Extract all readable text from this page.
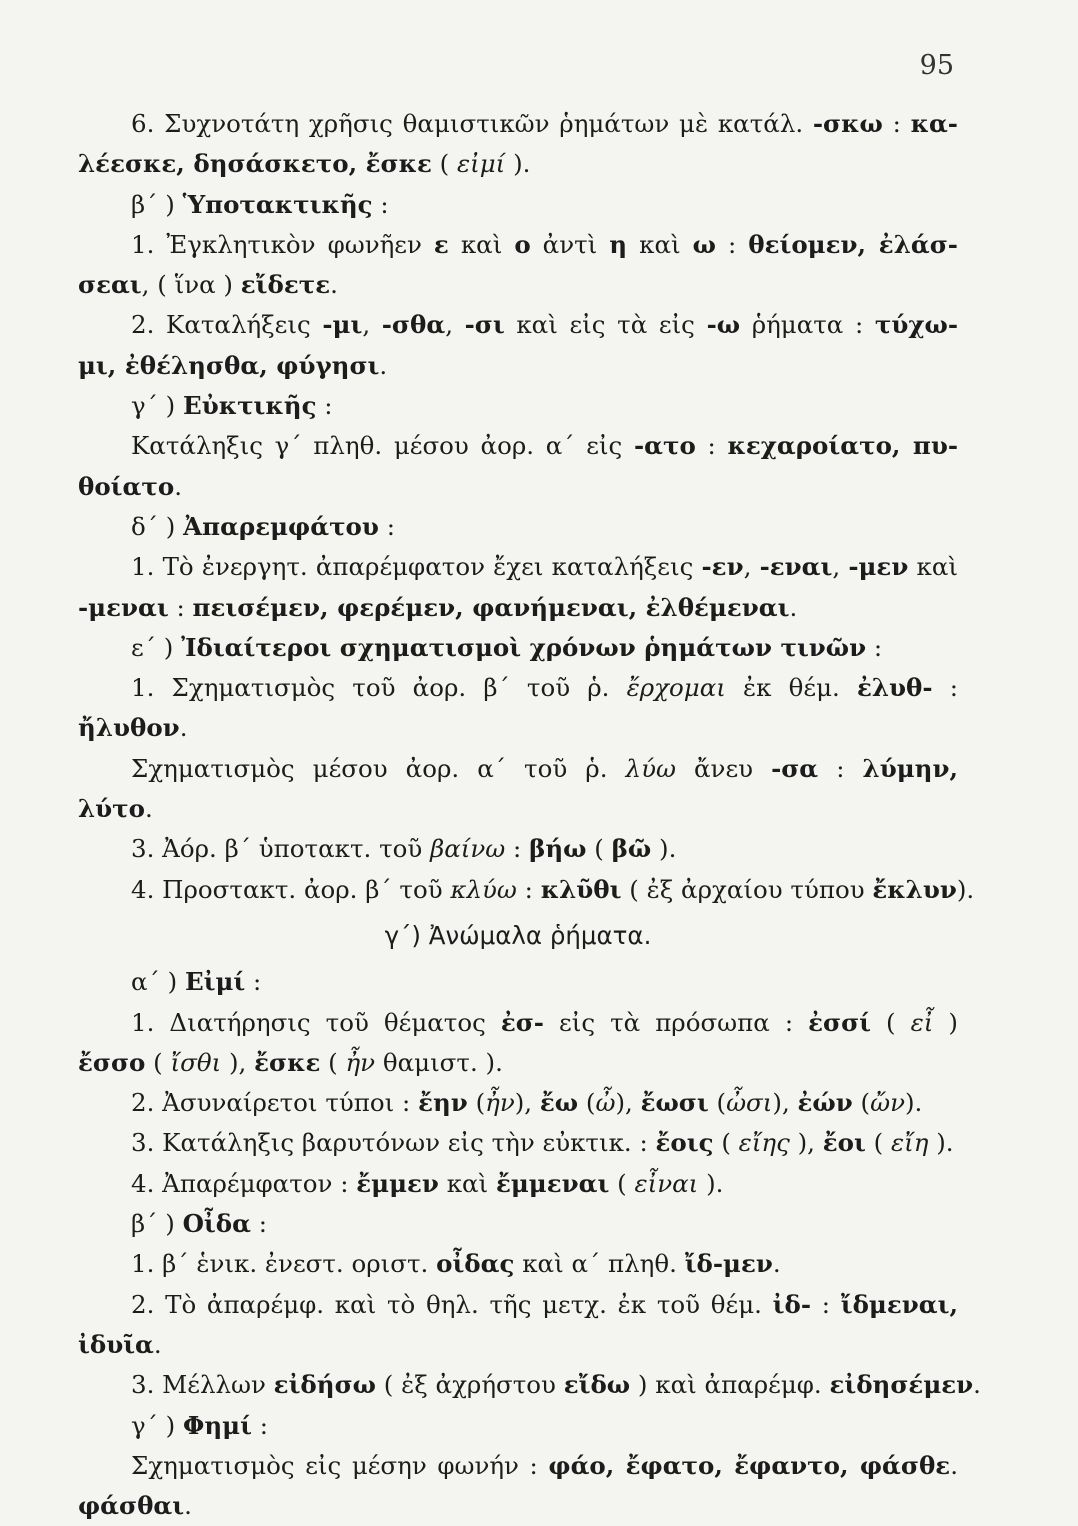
95
6. Συχνοτάτη χρῆσις θαμιστικῶν ῥημάτων μὲ κατάλ. -σκω : κα-
λέεσκε, δησάσκετο, ἔσκε ( εἰμί ).
β΄ ) Ὑποτακτικῆς :
1. Ἐγκλητικὸν φωνῆεν ε καὶ ο ἀντὶ η καὶ ω : θείομεν, ἐλάσ-
σεαι, ( ἵνα ) εἴδετε.
2. Καταλήξεις -μι, -σθα, -σι καὶ εἰς τὰ εἰς -ω ῥήματα : τύχω-
μι, ἐθέλησθα, φύγησι.
γ΄ ) Εὐκτικῆς :
Κατάληξις γ΄ πληθ. μέσου ἀορ. α΄ εἰς -ατο : κεχαροίατο, πυ-
θοίατο.
δ΄ ) Ἀπαρεμφάτου :
1. Τὸ ἐνεργητ. ἀπαρέμφατον ἔχει καταλήξεις -εν, -εναι, -μεν καὶ
-μεναι : πεισέμεν, φερέμεν, φανήμεναι, ἐλθέμεναι.
ε΄ ) Ἰδιαίτεροι σχηματισμοὶ χρόνων ῥημάτων τινῶν :
1. Σχηματισμὸς τοῦ ἀορ. β΄ τοῦ ῥ. ἔρχομαι ἐκ θέμ. ἐλυθ- :
ἤλυθον.
Σχηματισμὸς μέσου ἀορ. α΄ τοῦ ῥ. λύω ἄνευ -σα : λύμην,
λύτο.
3. Ἀόρ. β΄ ὑποτακτ. τοῦ βαίνω : βήω ( βῶ ).
4. Προστακτ. ἀορ. β΄ τοῦ κλύω : κλῦθι ( ἐξ ἀρχαίου τύπου ἔκλυν).
γ΄) Ἀνώμαλα ῥήματα.
α΄ ) Εἰμί :
1. Διατήρησις τοῦ θέματος ἐσ- εἰς τὰ πρόσωπα : ἐσσί ( εἶ )
ἔσσο ( ἴσθι ), ἔσκε ( ἦν θαμιστ. ).
2. Ἀσυναίρετοι τύποι : ἔην (ἦν), ἔω (ὦ), ἔωσι (ὦσι), ἐών (ὤν).
3. Κατάληξις βαρυτόνων εἰς τὴν εὐκτικ. : ἔοις ( εἴης ), ἔοι ( εἴη ).
4. Ἀπαρέμφατον : ἔμμεν καὶ ἔμμεναι ( εἶναι ).
β΄ ) Οἶδα :
1. β΄ ἑνικ. ἐνεστ. οριστ. οἶδας καὶ α΄ πληθ. ἴδ-μεν.
2. Τὸ ἀπαρέμφ. καὶ τὸ θηλ. τῆς μετχ. ἐκ τοῦ θέμ. ἰδ- : ἴδμεναι,
ἰδυῖα.
3. Μέλλων εἰδήσω ( ἐξ ἀχρήστου εἴδω ) καὶ ἀπαρέμφ. εἰδησέμεν.
γ΄ ) Φημί :
Σχηματισμὸς εἰς μέσην φωνήν : φάο, ἔφατο, ἔφαντο, φάσθε.
φάσθαι.
